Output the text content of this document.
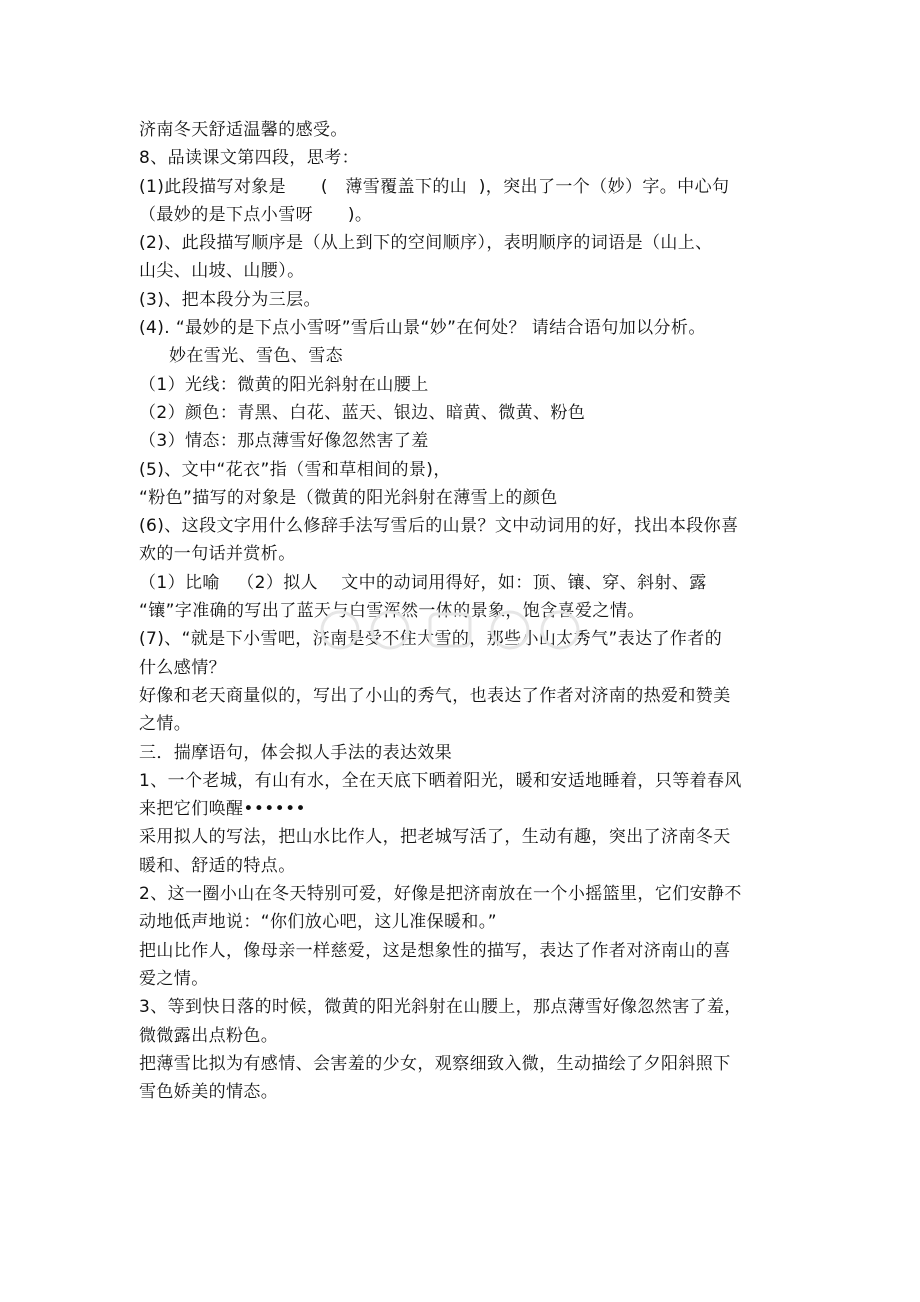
济南冬天舒适温馨的感受。
8、品读课文第四段，思考：
(1)此段描写对象是      (   薄雪覆盖下的山  )，突出了一个（妙）字。中心句
（最妙的是下点小雪呀      )。
(2)、此段描写顺序是（从上到下的空间顺序），表明顺序的词语是（山上、
山尖、山坡、山腰）。
(3)、把本段分为三层。
(4). “最妙的是下点小雪呀”雪后山景“妙”在何处？ 请结合语句加以分析。
妙在雪光、雪色、雪态
（1）光线：微黄的阳光斜射在山腰上
（2）颜色：青黑、白花、蓝天、银边、暗黄、微黄、粉色
（3）情态：那点薄雪好像忽然害了羞
(5)、文中“花衣”指（雪和草相间的景)，
“粉色”描写的对象是（微黄的阳光斜射在薄雪上的颜色
(6)、这段文字用什么修辞手法写雪后的山景？文中动词用的好，找出本段你喜
欢的一句话并赏析。
（1）比喻   （2）拟人    文中的动词用得好，如：顶、镶、穿、斜射、露
“镶”字准确的写出了蓝天与白雪浑然一体的景象，饱含喜爱之情。
(7)、“就是下小雪吧，济南是受不住大雪的，那些小山太秀气”表达了作者的
什么感情？
好像和老天商量似的，写出了小山的秀气，也表达了作者对济南的热爱和赞美
之情。
三．揣摩语句，体会拟人手法的表达效果
1、一个老城，有山有水，全在天底下晒着阳光，暖和安适地睡着，只等着春风
来把它们唤醒••••••
采用拟人的写法，把山水比作人，把老城写活了，生动有趣，突出了济南冬天
暖和、舒适的特点。
2、这一圈小山在冬天特别可爱，好像是把济南放在一个小摇篮里，它们安静不
动地低声地说：“你们放心吧，这儿准保暖和。”
把山比作人，像母亲一样慈爱，这是想象性的描写，表达了作者对济南山的喜
爱之情。
3、等到快日落的时候，微黄的阳光斜射在山腰上，那点薄雪好像忽然害了羞，
微微露出点粉色。
把薄雪比拟为有感情、会害羞的少女，观察细致入微，生动描绘了夕阳斜照下
雪色娇美的情态。
